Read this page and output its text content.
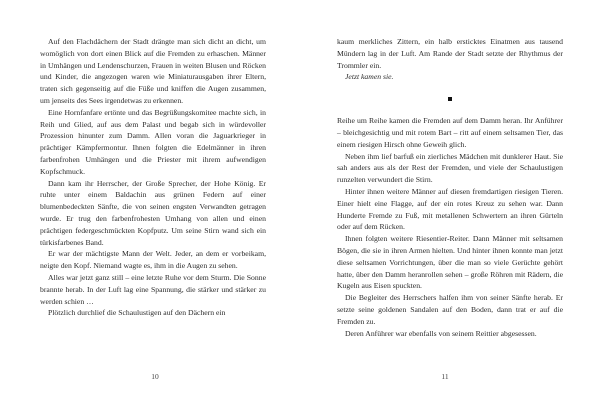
Auf den Flachdächern der Stadt drängte man sich dicht an dicht, um womöglich von dort einen Blick auf die Fremden zu erhaschen. Männer in Umhängen und Lendenschurzen, Frauen in weiten Blusen und Röcken und Kinder, die angezogen waren wie Miniaturausgaben ihrer Eltern, traten sich gegenseitig auf die Füße und kniffen die Augen zusammen, um jenseits des Sees irgendetwas zu erkennen.

Eine Hornfanfare ertönte und das Begrüßungskomitee machte sich, in Reih und Glied, auf aus dem Palast und begab sich in würdevoller Prozession hinunter zum Damm. Allen voran die Jaguarkrieger in prächtiger Kämpfermontur. Ihnen folgten die Edelmänner in ihren farbenfrohen Umhängen und die Priester mit ihrem aufwendigen Kopfschmuck.

Dann kam ihr Herrscher, der Große Sprecher, der Hohe König. Er ruhte unter einem Baldachin aus grünen Federn auf einer blumenbedeckten Sänfte, die von seinen engsten Verwandten getragen wurde. Er trug den farbenfrohesten Umhang von allen und einen prächtigen federgeschmückten Kopfputz. Um seine Stirn wand sich ein türkisfarbenes Band.

Er war der mächtigste Mann der Welt. Jeder, an dem er vorbeikam, neigte den Kopf. Niemand wagte es, ihm in die Augen zu sehen.

Alles war jetzt ganz still – eine letzte Ruhe vor dem Sturm. Die Sonne brannte herab. In der Luft lag eine Spannung, die stärker und stärker zu werden schien …

Plötzlich durchlief die Schaulustigen auf den Dächern ein

10

kaum merkliches Zittern, ein halb ersticktes Einatmen aus tausend Mündern lag in der Luft. Am Rande der Stadt setzte der Rhythmus der Trommler ein.

Jetzt kamen sie.

Reihe um Reihe kamen die Fremden auf dem Damm heran. Ihr Anführer – bleichgesichtig und mit rotem Bart – ritt auf einem seltsamen Tier, das einem riesigen Hirsch ohne Geweih glich.

Neben ihm lief barfuß ein zierliches Mädchen mit dunklerer Haut. Sie sah anders aus als der Rest der Fremden, und viele der Schaulustigen runzelten verwundert die Stirn.

Hinter ihnen weitere Männer auf diesen fremdartigen riesigen Tieren. Einer hielt eine Flagge, auf der ein rotes Kreuz zu sehen war. Dann Hunderte Fremde zu Fuß, mit metallenen Schwertern an ihren Gürteln oder auf dem Rücken.

Ihnen folgten weitere Riesentier-Reiter. Dann Männer mit seltsamen Bögen, die sie in ihren Armen hielten. Und hinter ihnen konnte man jetzt diese seltsamen Vorrichtungen, über die man so viele Gerüchte gehört hatte, über den Damm heranrollen sehen – große Röhren mit Rädern, die Kugeln aus Eisen spuckten.

Die Begleiter des Herrschers halfen ihm von seiner Sänfte herab. Er setzte seine goldenen Sandalen auf den Boden, dann trat er auf die Fremden zu.

Deren Anführer war ebenfalls von seinem Reittier abgesessen.

11
